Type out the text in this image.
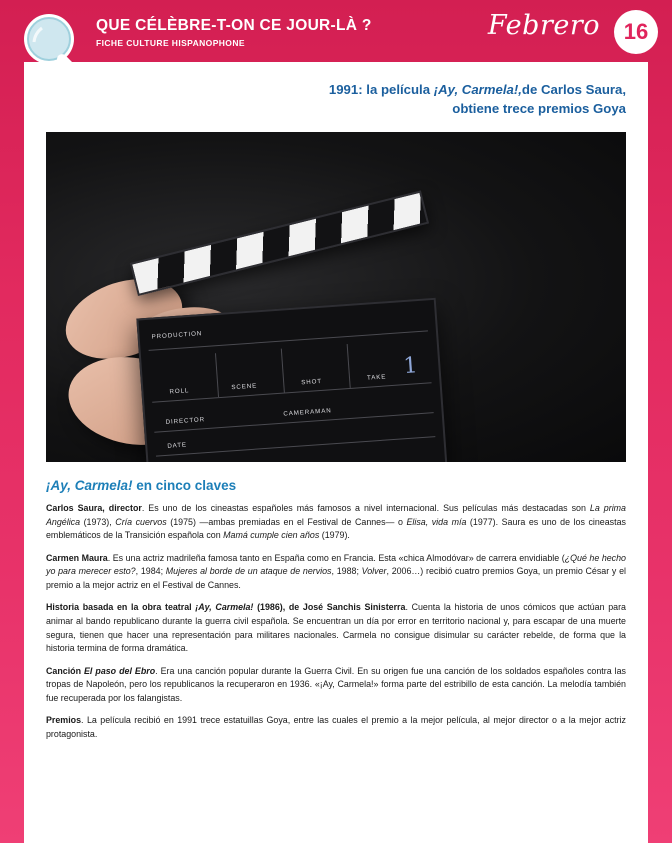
QUE CÉLÈBRE-T-ON CE JOUR-LÀ ?
FICHE CULTURE HISPANOPHONE
Febrero	16
1991: la película ¡Ay, Carmela!,de Carlos Saura,
obtiene trece premios Goya
PRODUCTION
ROLL
SCENE
SHOT
TAKE 1
DIRECTOR
CAMERAMAN
DATE
¡Ay, Carmela! en cinco claves

Carlos Saura, director. Es uno de los cineastas españoles más famosos a nivel internacional. Sus películas más destacadas son La prima Angélica (1973), Cría cuervos (1975) —ambas premiadas en el Festival de Cannes— o Elisa, vida mía (1977). Saura es uno de los cineastas emblemáticos de la Transición española con Mamá cumple cien años (1979).

Carmen Maura. Es una actriz madrileña famosa tanto en España como en Francia. Esta «chica Almodóvar» de carrera envidiable (¿Qué he hecho yo para merecer esto?, 1984; Mujeres al borde de un ataque de nervios, 1988; Volver, 2006…) recibió cuatro premios Goya, un premio César y el premio a la mejor actriz en el Festival de Cannes.

Historia basada en la obra teatral ¡Ay, Carmela! (1986), de José Sanchis Sinisterra. Cuenta la historia de unos cómicos que actúan para animar al bando republicano durante la guerra civil española. Se encuentran un día por error en territorio nacional y, para escapar de una muerte segura, tienen que hacer una representación para militares nacionales. Carmela no consigue disimular su carácter rebelde, de forma que la historia termina de forma dramática.

Canción El paso del Ebro. Era una canción popular durante la Guerra Civil. En su origen fue una canción de los soldados españoles contra las tropas de Napoleón, pero los republicanos la recuperaron en 1936. «¡Ay, Carmela!» forma parte del estribillo de esta canción. La melodía también fue recuperada por los falangistas.

Premios. La película recibió en 1991 trece estatuillas Goya, entre las cuales el premio a la mejor película, al mejor director o a la mejor actriz protagonista.
